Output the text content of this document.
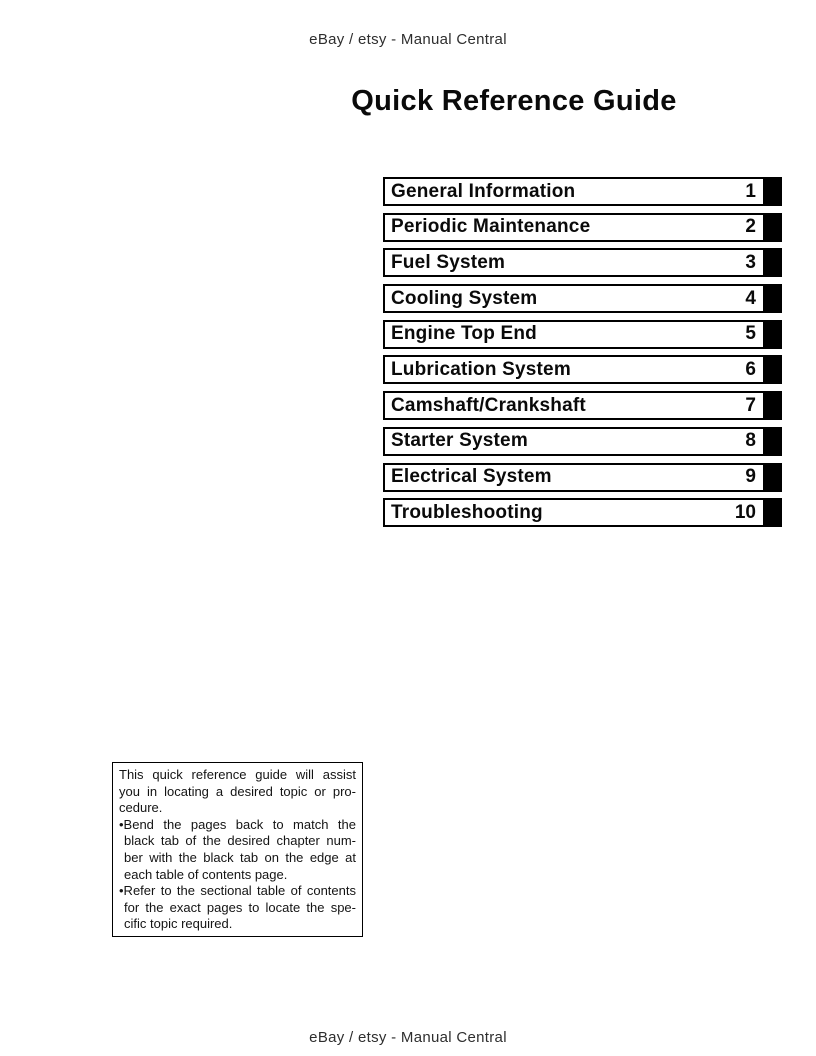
eBay / etsy - Manual Central
Quick Reference Guide
General Information	1
Periodic Maintenance	2
Fuel System	3
Cooling System	4
Engine Top End	5
Lubrication System	6
Camshaft/Crankshaft	7
Starter System	8
Electrical System	9
Troubleshooting	10
This quick reference guide will assist
you in locating a desired topic or pro-
cedure.
•Bend the pages back to match the
black tab of the desired chapter num-
ber with the black tab on the edge at
each table of contents page.
•Refer to the sectional table of contents
for the exact pages to locate the spe-
cific topic required.
eBay / etsy - Manual Central
